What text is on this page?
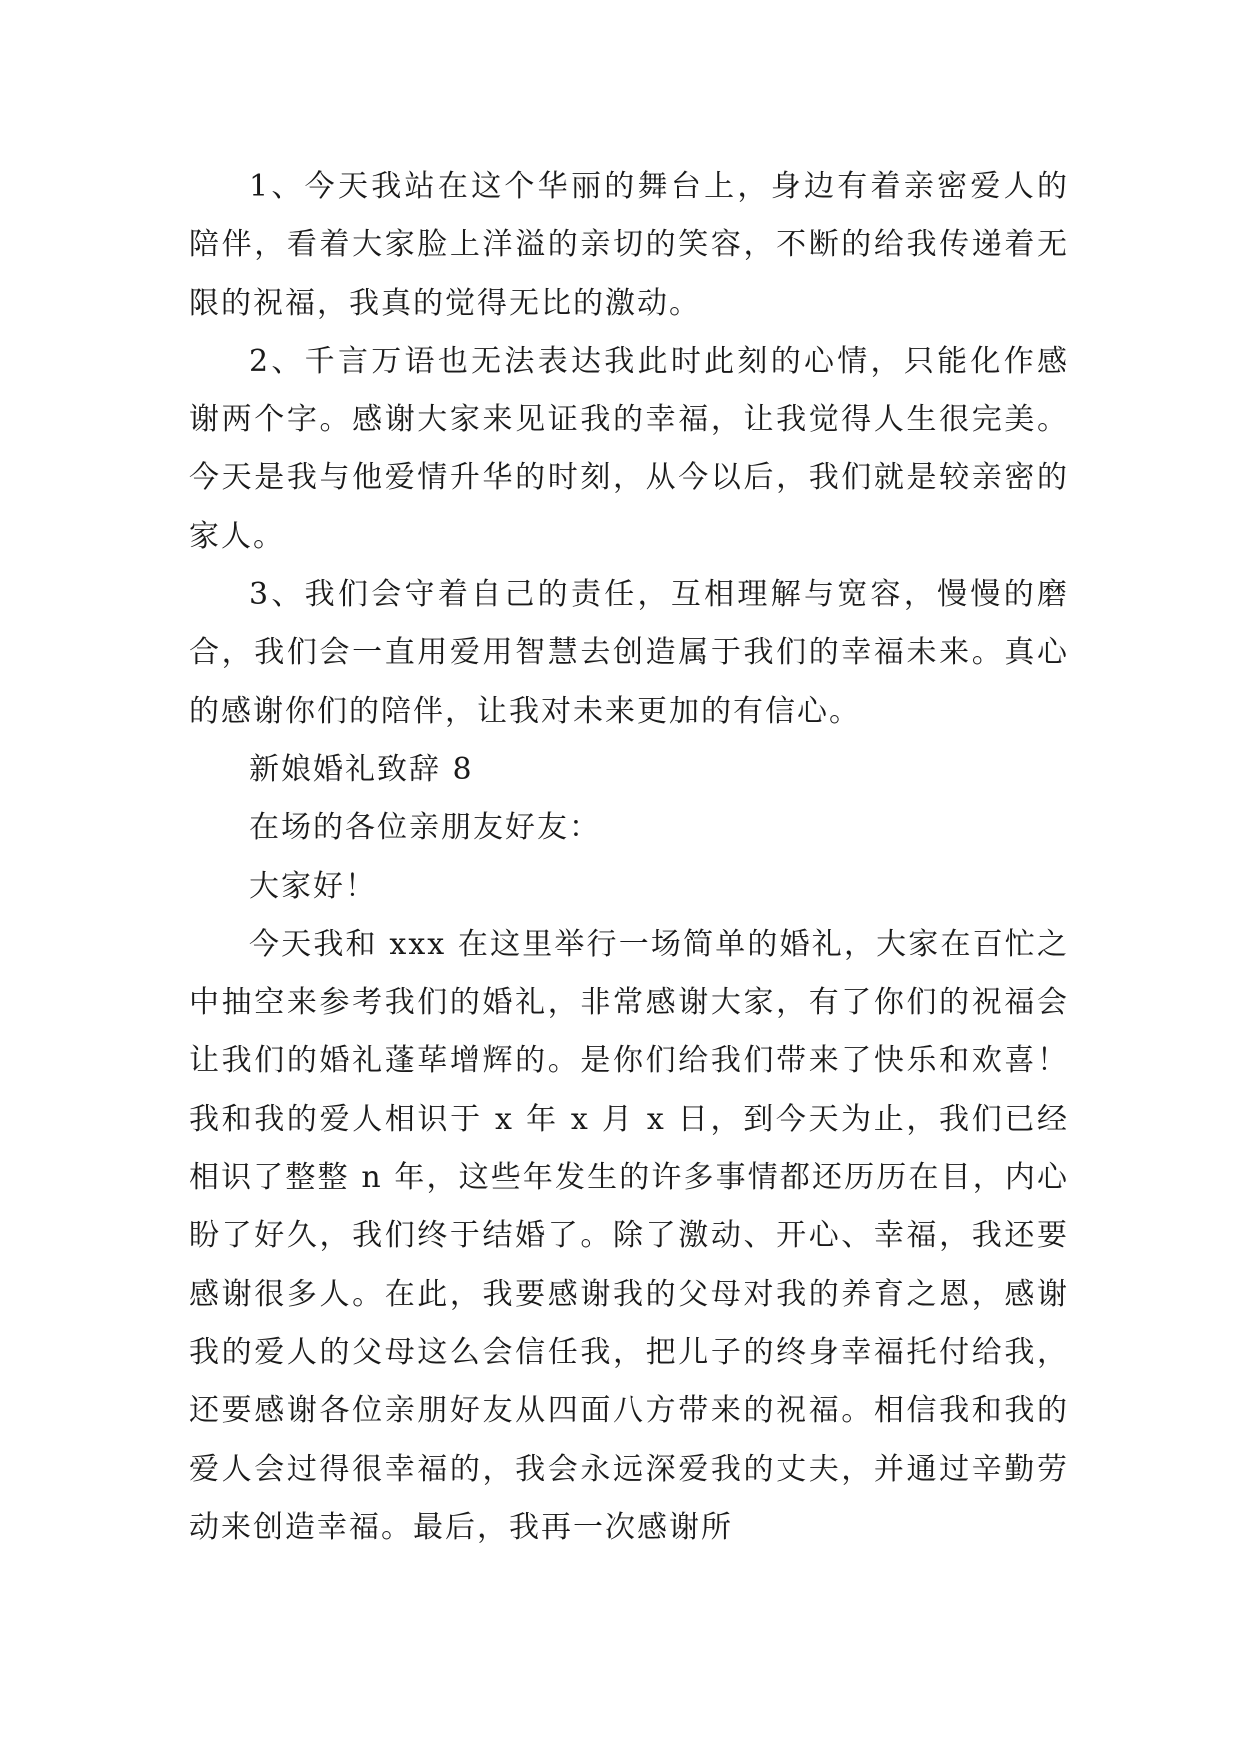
1、今天我站在这个华丽的舞台上，身边有着亲密爱人的陪伴，看着大家脸上洋溢的亲切的笑容，不断的给我传递着无限的祝福，我真的觉得无比的激动。

2、千言万语也无法表达我此时此刻的心情，只能化作感谢两个字。感谢大家来见证我的幸福，让我觉得人生很完美。今天是我与他爱情升华的时刻，从今以后，我们就是较亲密的家人。

3、我们会守着自己的责任，互相理解与宽容，慢慢的磨合，我们会一直用爱用智慧去创造属于我们的幸福未来。真心的感谢你们的陪伴，让我对未来更加的有信心。

新娘婚礼致辞 8

在场的各位亲朋友好友：

大家好！

今天我和 xxx 在这里举行一场简单的婚礼，大家在百忙之中抽空来参考我们的婚礼，非常感谢大家，有了你们的祝福会让我们的婚礼蓬荜增辉的。是你们给我们带来了快乐和欢喜！我和我的爱人相识于 x 年 x 月 x 日，到今天为止，我们已经相识了整整 n 年，这些年发生的许多事情都还历历在目，内心盼了好久，我们终于结婚了。除了激动、开心、幸福，我还要感谢很多人。在此，我要感谢我的父母对我的养育之恩，感谢我的爱人的父母这么会信任我，把儿子的终身幸福托付给我，还要感谢各位亲朋好友从四面八方带来的祝福。相信我和我的爱人会过得很幸福的，我会永远深爱我的丈夫，并通过辛勤劳动来创造幸福。最后，我再一次感谢所
